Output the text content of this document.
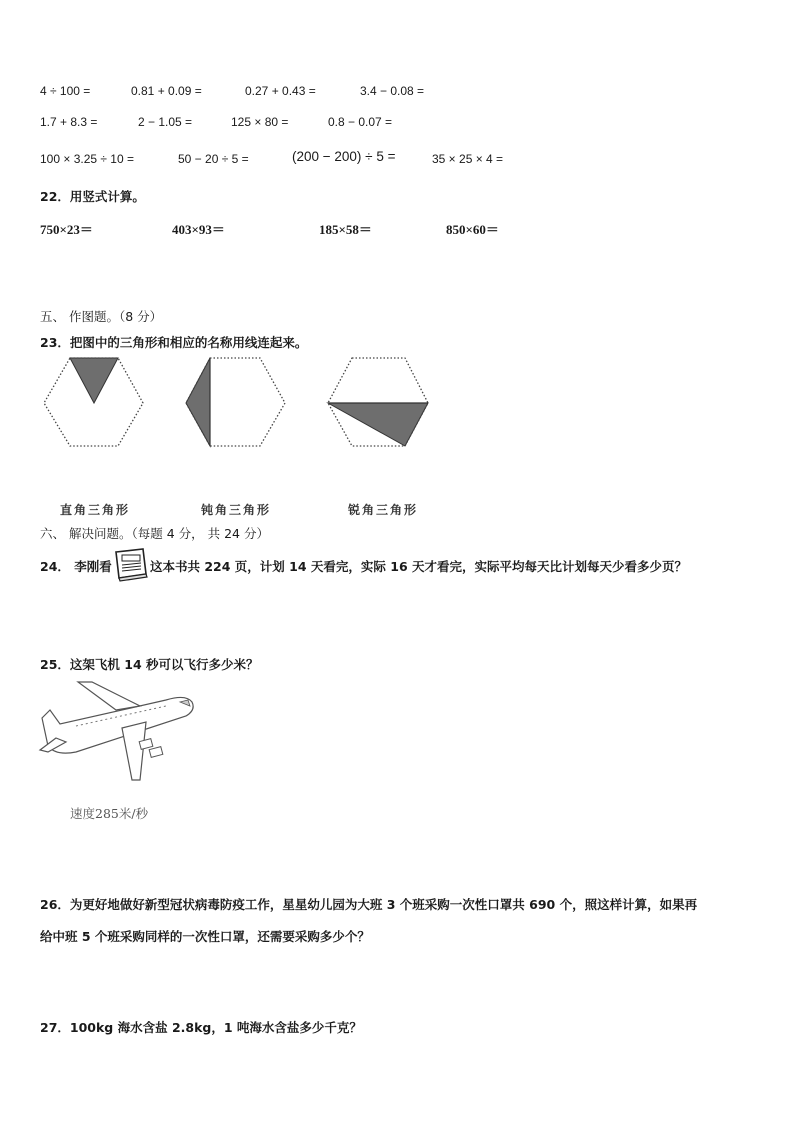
4 ÷ 100 =	0.81 + 0.09 =	0.27 + 0.43 =	3.4 − 0.08 =
1.7 + 8.3 =	2 − 1.05 =	125 × 80 =	0.8 − 0.07 =
100 × 3.25 ÷ 10 =	50 − 20 ÷ 5 =	(200 − 200) ÷ 5 =	35 × 25 × 4 =
22．用竖式计算。
750×23＝	403×93＝	185×58＝	850×60＝
五、 作图题。（8 分）
23．把图中的三角形和相应的名称用线连起来。
直角三角形	钝角三角形	锐角三角形
六、 解决问题。（每题 4 分， 共 24 分）
24． 李刚看	这本书共 224 页，计划 14 天看完，实际 16 天才看完，实际平均每天比计划每天少看多少页？
25．这架飞机 14 秒可以飞行多少米？
速度285米/秒
26．为更好地做好新型冠状病毒防疫工作，星星幼儿园为大班 3 个班采购一次性口罩共 690 个，照这样计算，如果再
给中班 5 个班采购同样的一次性口罩，还需要采购多少个？
27．100kg 海水含盐 2.8kg，1 吨海水含盐多少千克？
